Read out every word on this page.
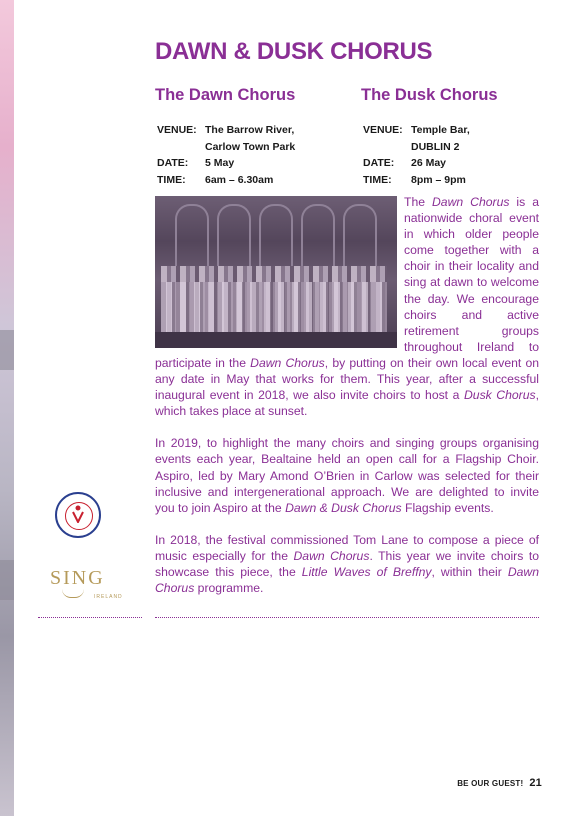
DAWN & DUSK CHORUS
The Dawn Chorus	The Dusk Chorus
VENUE: The Barrow River,
Carlow Town Park
DATE:	5 May
TIME:	6am – 6.30am
VENUE: Temple Bar,
DUBLIN 2
DATE:	26 May
TIME:	8pm – 9pm

The Dawn Chorus is a nationwide choral event in which older people come together with a choir in their locality and sing at dawn to welcome the day. We encourage choirs and active retirement groups throughout Ireland to participate in the Dawn Chorus, by putting on their own local event on any date in May that works for them. This year, after a successful inaugural event in 2018, we also invite choirs to host a Dusk Chorus, which takes place at sunset.

In 2019, to highlight the many choirs and singing groups organising events each year, Bealtaine held an open call for a Flagship Choir. Aspiro, led by Mary Amond O’Brien in Carlow was selected for their inclusive and intergenerational approach. We are delighted to invite you to join Aspiro at the Dawn & Dusk Chorus Flagship events.

In 2018, the festival commissioned Tom Lane to compose a piece of music especially for the Dawn Chorus. This year we invite choirs to showcase this piece, the Little Waves of Breffny, within their Dawn Chorus programme.

SING
IRELAND
BE OUR GUEST! 21
